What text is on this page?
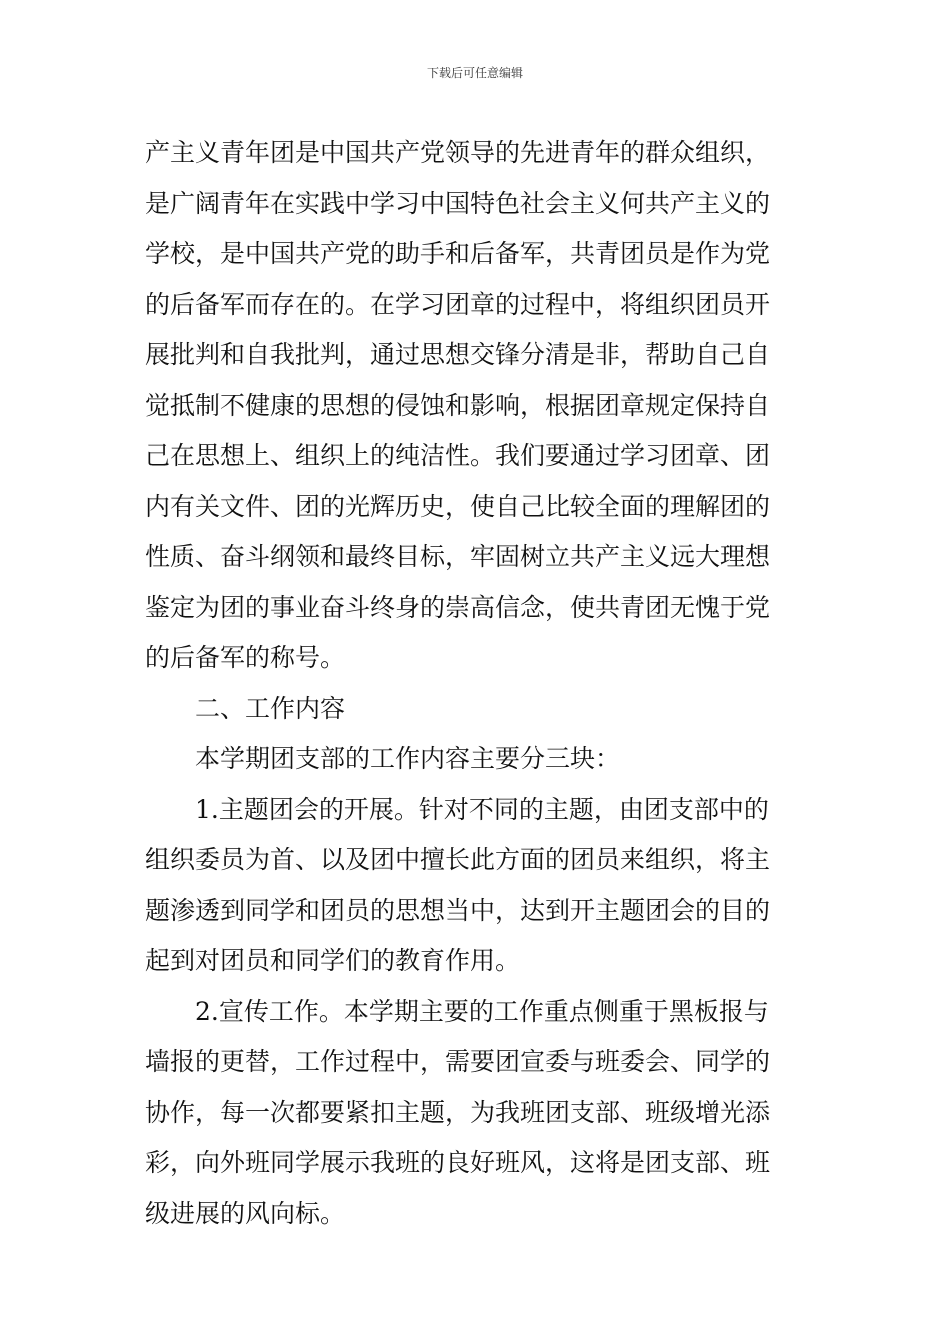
下载后可任意编辑
产主义青年团是中国共产党领导的先进青年的群众组织，
是广阔青年在实践中学习中国特色社会主义何共产主义的
学校，是中国共产党的助手和后备军，共青团员是作为党
的后备军而存在的。在学习团章的过程中，将组织团员开
展批判和自我批判，通过思想交锋分清是非，帮助自己自
觉抵制不健康的思想的侵蚀和影响，根据团章规定保持自
己在思想上、组织上的纯洁性。我们要通过学习团章、团
内有关文件、团的光辉历史，使自己比较全面的理解团的
性质、奋斗纲领和最终目标，牢固树立共产主义远大理想
鉴定为团的事业奋斗终身的崇高信念，使共青团无愧于党
的后备军的称号。
二、工作内容
本学期团支部的工作内容主要分三块：
1.主题团会的开展。针对不同的主题，由团支部中的
组织委员为首、以及团中擅长此方面的团员来组织，将主
题渗透到同学和团员的思想当中，达到开主题团会的目的
起到对团员和同学们的教育作用。
2.宣传工作。本学期主要的工作重点侧重于黑板报与
墙报的更替，工作过程中，需要团宣委与班委会、同学的
协作，每一次都要紧扣主题，为我班团支部、班级增光添
彩，向外班同学展示我班的良好班风，这将是团支部、班
级进展的风向标。
